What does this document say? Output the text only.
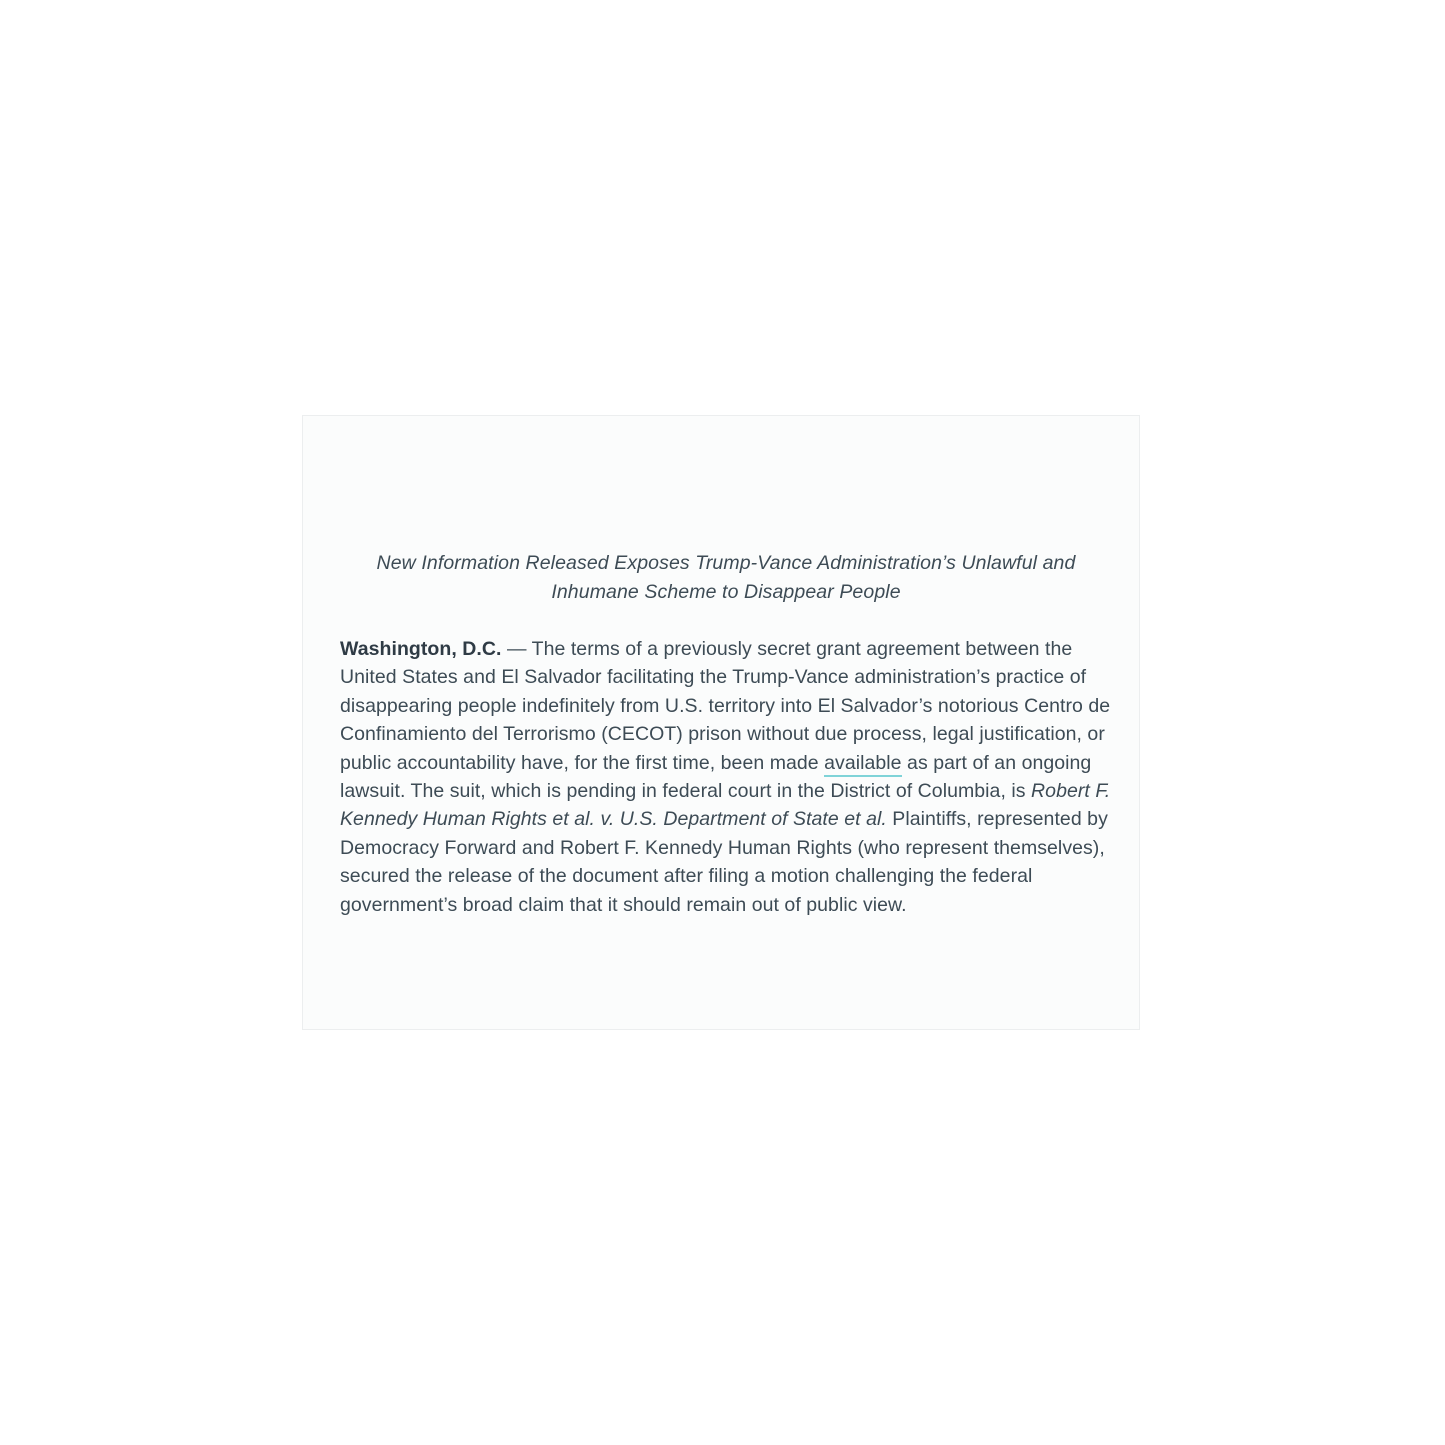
New Information Released Exposes Trump-Vance Administration’s Unlawful and Inhumane Scheme to Disappear People

Washington, D.C. — The terms of a previously secret grant agreement between the United States and El Salvador facilitating the Trump-Vance administration’s practice of disappearing people indefinitely from U.S. territory into El Salvador’s notorious Centro de Confinamiento del Terrorismo (CECOT) prison without due process, legal justification, or public accountability have, for the first time, been made available as part of an ongoing lawsuit. The suit, which is pending in federal court in the District of Columbia, is Robert F. Kennedy Human Rights et al. v. U.S. Department of State et al. Plaintiffs, represented by Democracy Forward and Robert F. Kennedy Human Rights (who represent themselves), secured the release of the document after filing a motion challenging the federal government’s broad claim that it should remain out of public view.
